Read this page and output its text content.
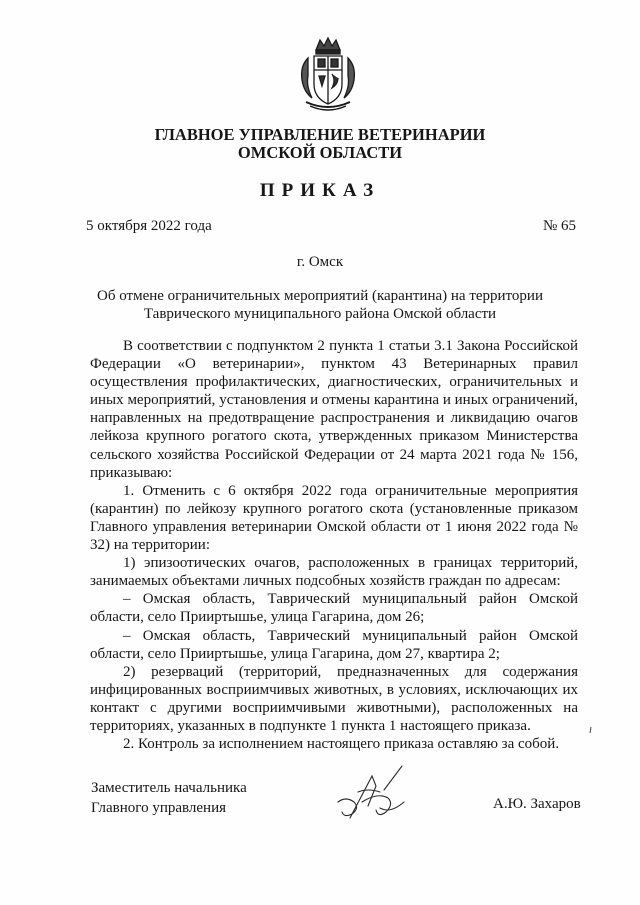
ГЛАВНОЕ УПРАВЛЕНИЕ ВЕТЕРИНАРИИ
ОМСКОЙ ОБЛАСТИ
ПРИКАЗ
5 октября 2022 года	№ 65
г. Омск
Об отмене ограничительных мероприятий (карантина) на территории
Таврического муниципального района Омской области

В соответствии с подпунктом 2 пункта 1 статьи 3.1 Закона Российской Федерации «О ветеринарии», пунктом 43 Ветеринарных правил осуществления профилактических, диагностических, ограничительных и иных мероприятий, установления и отмены карантина и иных ограничений, направленных на предотвращение распространения и ликвидацию очагов лейкоза крупного рогатого скота, утвержденных приказом Министерства сельского хозяйства Российской Федерации от 24 марта 2021 года № 156, приказываю:

1. Отменить с 6 октября 2022 года ограничительные мероприятия (карантин) по лейкозу крупного рогатого скота (установленные приказом Главного управления ветеринарии Омской области от 1 июня 2022 года № 32) на территории:

1) эпизоотических очагов, расположенных в границах территорий, занимаемых объектами личных подсобных хозяйств граждан по адресам:

– Омская область, Таврический муниципальный район Омской области, село Прииртышье, улица Гагарина, дом 26;

– Омская область, Таврический муниципальный район Омской области, село Прииртышье, улица Гагарина, дом 27, квартира 2;

2) резерваций (территорий, предназначенных для содержания инфицированных восприимчивых животных, в условиях, исключающих их контакт с другими восприимчивыми животными), расположенных на территориях, указанных в подпункте 1 пункта 1 настоящего приказа.

2. Контроль за исполнением настоящего приказа оставляю за собой.

Заместитель начальника
Главного управления	А.Ю. Захаров
